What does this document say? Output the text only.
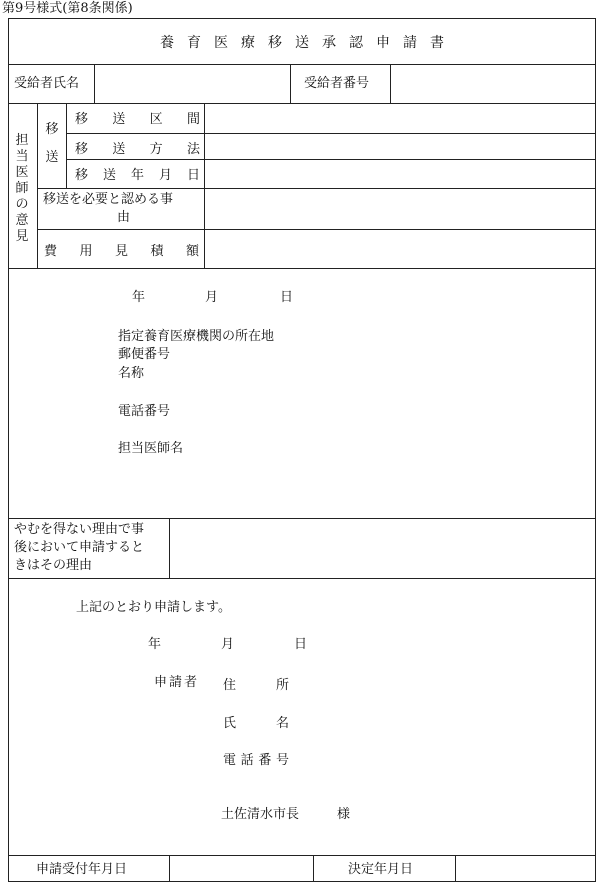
第9号様式(第8条関係)
養 育 医 療 移 送 承 認 申 請 書
受給者氏名	受給者番号
担
当
医
師
の
意
見
移
送
移 送 区 間
移 送 方 法
移 送 年 月 日
移送を必要と認める事
由
費 用 見 積 額
年	月	日
指定養育医療機関の所在地
郵便番号
名称
電話番号
担当医師名
やむを得ない理由で事
後において申請すると
きはその理由
上記のとおり申請します。
年	月	日
申請者 住	所
氏	名
電 話 番 号
土佐清水市長	様
申請受付年月日	決定年月日
